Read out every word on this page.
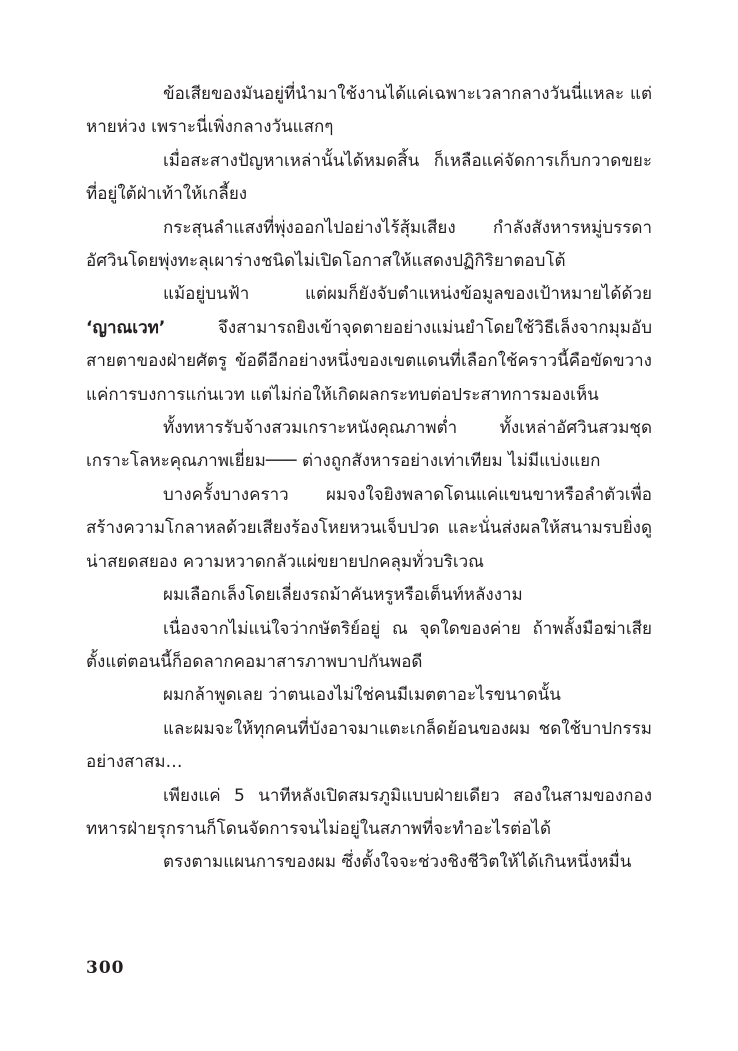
ข้อเสียของมันอยู่ที่นำมาใช้งานได้แค่เฉพาะเวลากลางวันนี่แหละ แต่หายห่วง เพราะนี่เพิ่งกลางวันแสกๆ

เมื่อสะสางปัญหาเหล่านั้นได้หมดสิ้น ก็เหลือแค่จัดการเก็บกวาดขยะที่อยู่ใต้ฝ่าเท้าให้เกลี้ยง

กระสุนลำแสงที่พุ่งออกไปอย่างไร้สุ้มเสียง กำลังสังหารหมู่บรรดาอัศวินโดยพุ่งทะลุเผาร่างชนิดไม่เปิดโอกาสให้แสดงปฏิกิริยาตอบโต้

แม้อยู่บนฟ้า แต่ผมก็ยังจับตำแหน่งข้อมูลของเป้าหมายได้ด้วย ‘ญาณเวท’ จึงสามารถยิงเข้าจุดตายอย่างแม่นยำโดยใช้วิธีเล็งจากมุมอับสายตาของฝ่ายศัตรู ข้อดีอีกอย่างหนึ่งของเขตแดนที่เลือกใช้คราวนี้คือขัดขวางแค่การบงการแก่นเวท แต่ไม่ก่อให้เกิดผลกระทบต่อประสาทการมองเห็น

ทั้งทหารรับจ้างสวมเกราะหนังคุณภาพต่ำ ทั้งเหล่าอัศวินสวมชุดเกราะโลหะคุณภาพเยี่ยม─── ต่างถูกสังหารอย่างเท่าเทียม ไม่มีแบ่งแยก

บางครั้งบางคราว ผมจงใจยิงพลาดโดนแค่แขนขาหรือลำตัวเพื่อสร้างความโกลาหลด้วยเสียงร้องโหยหวนเจ็บปวด และนั่นส่งผลให้สนามรบยิ่งดูน่าสยดสยอง ความหวาดกลัวแผ่ขยายปกคลุมทั่วบริเวณ

ผมเลือกเล็งโดยเลี่ยงรถม้าคันหรูหรือเต็นท์หลังงาม

เนื่องจากไม่แน่ใจว่ากษัตริย์อยู่ ณ จุดใดของค่าย ถ้าพลั้งมือฆ่าเสียตั้งแต่ตอนนี้ก็อดลากคอมาสารภาพบาปกันพอดี

ผมกล้าพูดเลย ว่าตนเองไม่ใช่คนมีเมตตาอะไรขนาดนั้น

และผมจะให้ทุกคนที่บังอาจมาแตะเกล็ดย้อนของผม ชดใช้บาปกรรมอย่างสาสม…

เพียงแค่ 5 นาทีหลังเปิดสมรภูมิแบบฝ่ายเดียว สองในสามของกองทหารฝ่ายรุกรานก็โดนจัดการจนไม่อยู่ในสภาพที่จะทำอะไรต่อได้

ตรงตามแผนการของผม ซึ่งตั้งใจจะช่วงชิงชีวิตให้ได้เกินหนึ่งหมื่น

300
